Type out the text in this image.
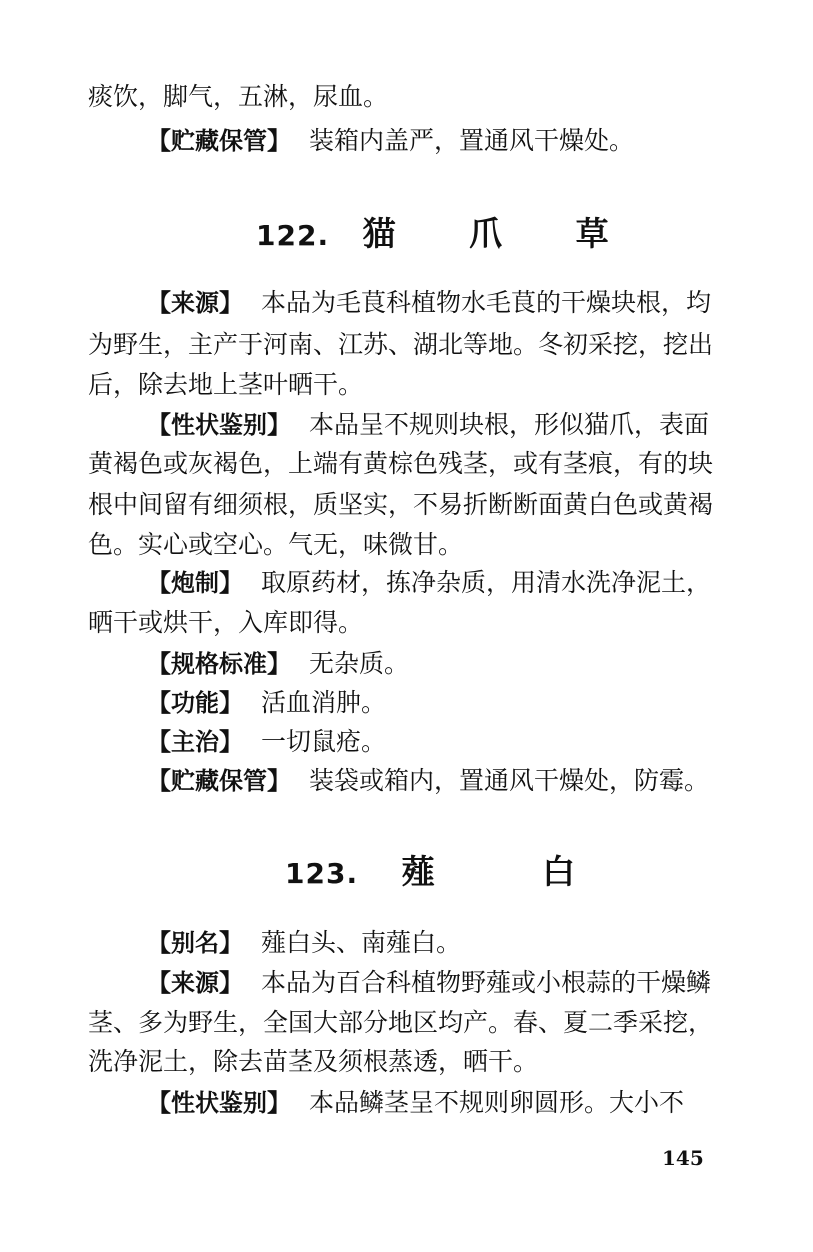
痰饮，脚气，五淋，尿血。
【贮藏保管】 装箱内盖严，置通风干燥处。
122. 猫 爪 草
【来源】 本品为毛茛科植物水毛茛的干燥块根，均
为野生，主产于河南、江苏、湖北等地。冬初采挖，挖出
后，除去地上茎叶晒干。
【性状鉴别】 本品呈不规则块根，形似猫爪，表面
黄褐色或灰褐色，上端有黄棕色残茎，或有茎痕，有的块
根中间留有细须根，质坚实，不易折断断面黄白色或黄褐
色。实心或空心。气无，味微甘。
【炮制】 取原药材，拣净杂质，用清水洗净泥土，
晒干或烘干，入库即得。
【规格标准】 无杂质。
【功能】 活血消肿。
【主治】 一切鼠疮。
【贮藏保管】 装袋或箱内，置通风干燥处，防霉。
123. 薤	白
【别名】 薤白头、南薤白。
【来源】 本品为百合科植物野薤或小根蒜的干燥鳞
茎、多为野生，全国大部分地区均产。春、夏二季采挖，
洗净泥土，除去苗茎及须根蒸透，晒干。
【性状鉴别】 本品鳞茎呈不规则卵圆形。大小不
145
